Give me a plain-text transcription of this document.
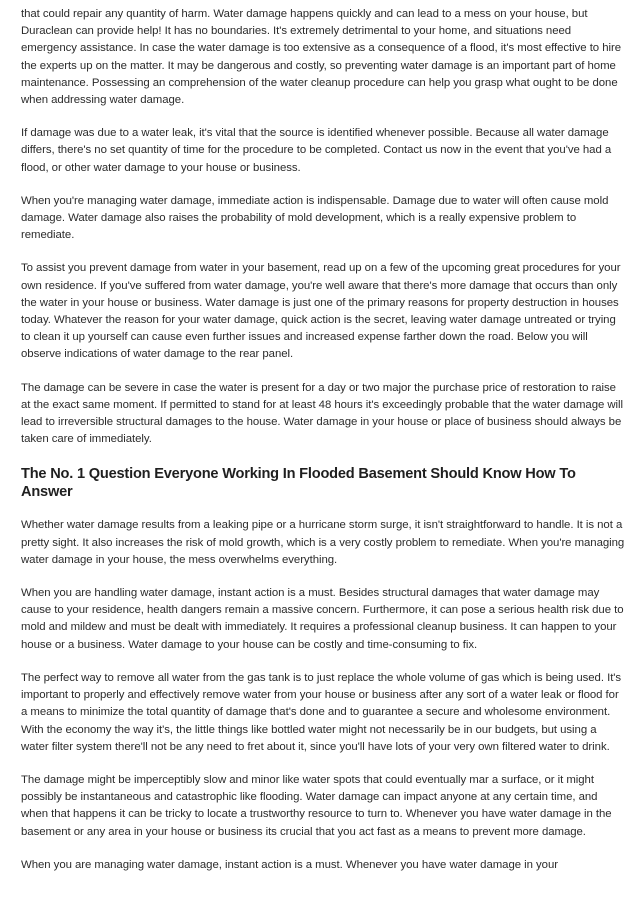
that could repair any quantity of harm. Water damage happens quickly and can lead to a mess on your house, but Duraclean can provide help! It has no boundaries. It's extremely detrimental to your home, and situations need emergency assistance. In case the water damage is too extensive as a consequence of a flood, it's most effective to hire the experts up on the matter. It may be dangerous and costly, so preventing water damage is an important part of home maintenance. Possessing an comprehension of the water cleanup procedure can help you grasp what ought to be done when addressing water damage.

If damage was due to a water leak, it's vital that the source is identified whenever possible. Because all water damage differs, there's no set quantity of time for the procedure to be completed. Contact us now in the event that you've had a flood, or other water damage to your house or business.

When you're managing water damage, immediate action is indispensable. Damage due to water will often cause mold damage. Water damage also raises the probability of mold development, which is a really expensive problem to remediate.

To assist you prevent damage from water in your basement, read up on a few of the upcoming great procedures for your own residence. If you've suffered from water damage, you're well aware that there's more damage that occurs than only the water in your house or business. Water damage is just one of the primary reasons for property destruction in houses today. Whatever the reason for your water damage, quick action is the secret, leaving water damage untreated or trying to clean it up yourself can cause even further issues and increased expense farther down the road. Below you will observe indications of water damage to the rear panel.

The damage can be severe in case the water is present for a day or two major the purchase price of restoration to raise at the exact same moment. If permitted to stand for at least 48 hours it's exceedingly probable that the water damage will lead to irreversible structural damages to the house. Water damage in your house or place of business should always be taken care of immediately.

The No. 1 Question Everyone Working In Flooded Basement Should Know How To Answer

Whether water damage results from a leaking pipe or a hurricane storm surge, it isn't straightforward to handle. It is not a pretty sight. It also increases the risk of mold growth, which is a very costly problem to remediate. When you're managing water damage in your house, the mess overwhelms everything.

When you are handling water damage, instant action is a must. Besides structural damages that water damage may cause to your residence, health dangers remain a massive concern. Furthermore, it can pose a serious health risk due to mold and mildew and must be dealt with immediately. It requires a professional cleanup business. It can happen to your house or a business. Water damage to your house can be costly and time-consuming to fix.

The perfect way to remove all water from the gas tank is to just replace the whole volume of gas which is being used. It's important to properly and effectively remove water from your house or business after any sort of a water leak or flood for a means to minimize the total quantity of damage that's done and to guarantee a secure and wholesome environment. With the economy the way it's, the little things like bottled water might not necessarily be in our budgets, but using a water filter system there'll not be any need to fret about it, since you'll have lots of your very own filtered water to drink.

The damage might be imperceptibly slow and minor like water spots that could eventually mar a surface, or it might possibly be instantaneous and catastrophic like flooding. Water damage can impact anyone at any certain time, and when that happens it can be tricky to locate a trustworthy resource to turn to. Whenever you have water damage in the basement or any area in your house or business its crucial that you act fast as a means to prevent more damage.

When you are managing water damage, instant action is a must. Whenever you have water damage in your
